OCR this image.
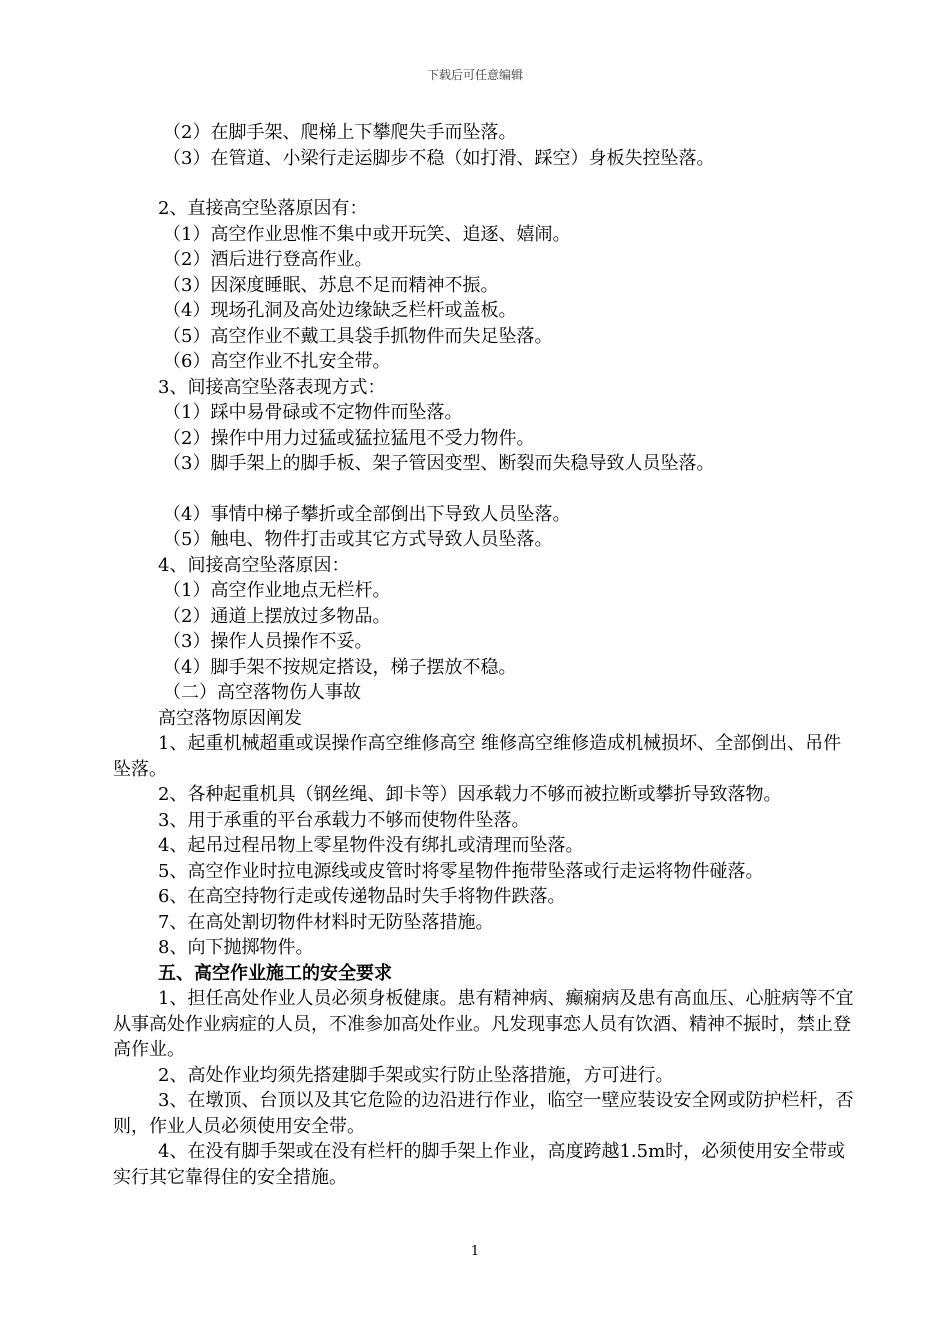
下载后可任意编辑

（2）在脚手架、爬梯上下攀爬失手而坠落。

（3）在管道、小梁行走运脚步不稳（如打滑、踩空）身板失控坠落。

2、直接高空坠落原因有：

（1）高空作业思惟不集中或开玩笑、追逐、嬉闹。

（2）酒后进行登高作业。

（3）因深度睡眠、苏息不足而精神不振。

（4）现场孔洞及高处边缘缺乏栏杆或盖板。

（5）高空作业不戴工具袋手抓物件而失足坠落。

（6）高空作业不扎安全带。

3、间接高空坠落表现方式：

（1）踩中易骨碌或不定物件而坠落。

（2）操作中用力过猛或猛拉猛甩不受力物件。

（3）脚手架上的脚手板、架子管因变型、断裂而失稳导致人员坠落。

（4）事情中梯子攀折或全部倒出下导致人员坠落。

（5）触电、物件打击或其它方式导致人员坠落。

4、间接高空坠落原因：

（1）高空作业地点无栏杆。

（2）通道上摆放过多物品。

（3）操作人员操作不妥。

（4）脚手架不按规定搭设，梯子摆放不稳。

（二）高空落物伤人事故

高空落物原因阐发

1、起重机械超重或误操作高空维修高空 维修高空维修造成机械损坏、全部倒出、吊件坠落。

2、各种起重机具（钢丝绳、卸卡等）因承载力不够而被拉断或攀折导致落物。

3、用于承重的平台承载力不够而使物件坠落。

4、起吊过程吊物上零星物件没有绑扎或清理而坠落。

5、高空作业时拉电源线或皮管时将零星物件拖带坠落或行走运将物件碰落。

6、在高空持物行走或传递物品时失手将物件跌落。

7、在高处割切物件材料时无防坠落措施。

8、向下抛掷物件。

五、高空作业施工的安全要求

1、担任高处作业人员必须身板健康。患有精神病、癫痫病及患有高血压、心脏病等不宜从事高处作业病症的人员，不准参加高处作业。凡发现事恋人员有饮酒、精神不振时，禁止登高作业。

2、高处作业均须先搭建脚手架或实行防止坠落措施，方可进行。

3、在墩顶、台顶以及其它危险的边沿进行作业，临空一壁应装设安全网或防护栏杆，否则，作业人员必须使用安全带。

4、在没有脚手架或在没有栏杆的脚手架上作业，高度跨越1.5m时，必须使用安全带或实行其它靠得住的安全措施。

1
